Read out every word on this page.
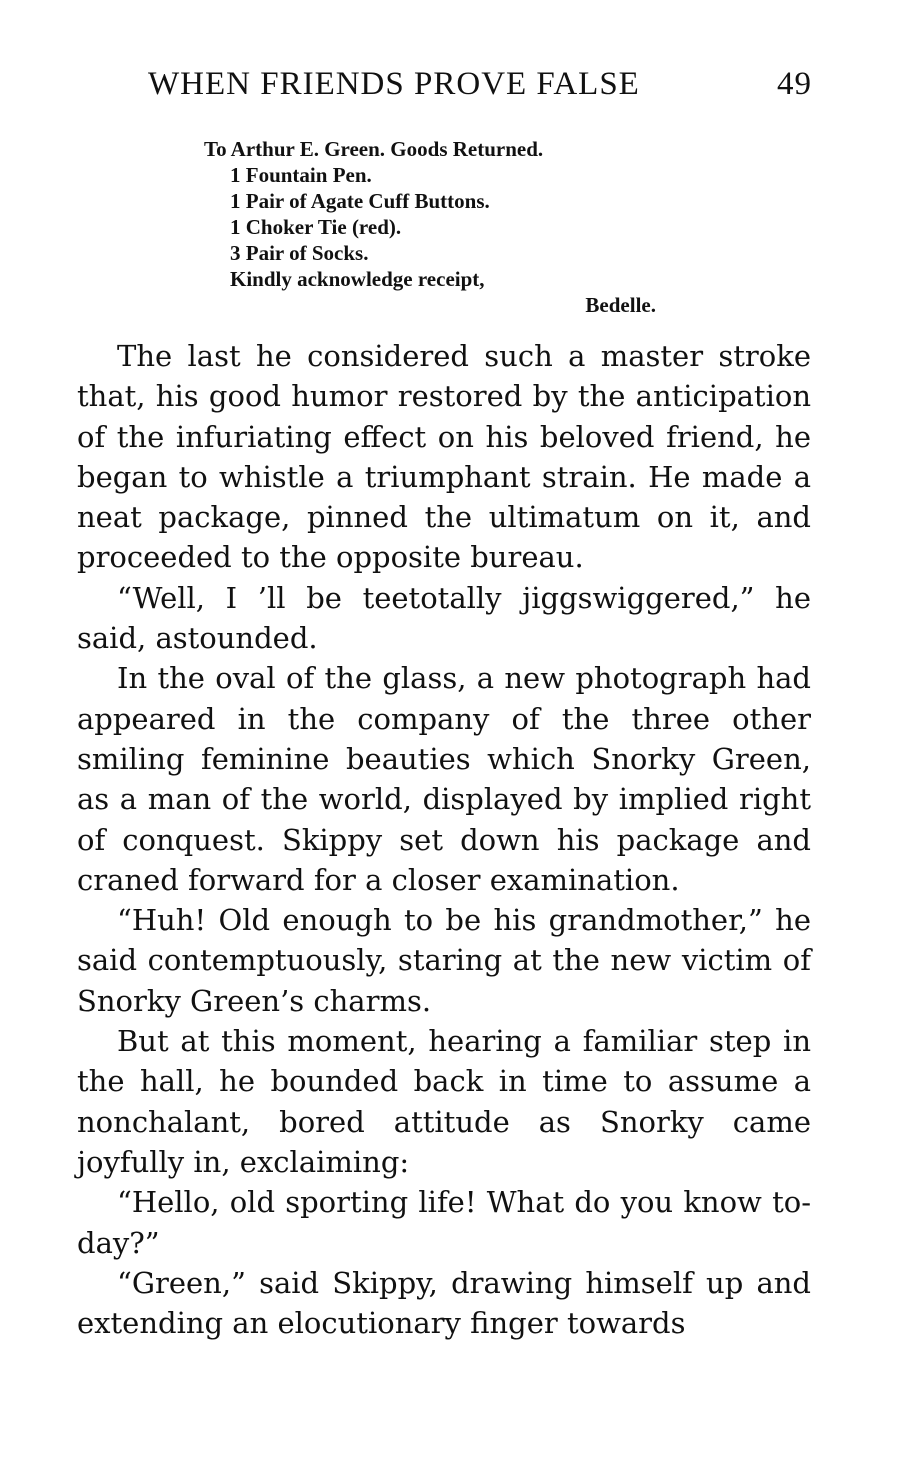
WHEN FRIENDS PROVE FALSE	49
To Arthur E. Green. Goods Returned.
1 Fountain Pen.
1 Pair of Agate Cuff Buttons.
1 Choker Tie (red).
3 Pair of Socks.
Kindly acknowledge receipt,
Bedelle.

The last he considered such a master stroke that, his good humor restored by the anticipation of the infuriating effect on his beloved friend, he began to whistle a triumphant strain. He made a neat package, pinned the ultimatum on it, and proceeded to the opposite bureau.

“Well, I ’ll be teetotally jiggswiggered,” he said, astounded.

In the oval of the glass, a new photograph had appeared in the company of the three other smiling feminine beauties which Snorky Green, as a man of the world, displayed by implied right of conquest. Skippy set down his package and craned forward for a closer examination.

“Huh! Old enough to be his grandmother,” he said contemptuously, staring at the new victim of Snorky Green’s charms.

But at this moment, hearing a familiar step in the hall, he bounded back in time to assume a nonchalant, bored attitude as Snorky came joyfully in, exclaiming:

“Hello, old sporting life! What do you know to-day?”

“Green,” said Skippy, drawing himself up and extending an elocutionary finger towards
